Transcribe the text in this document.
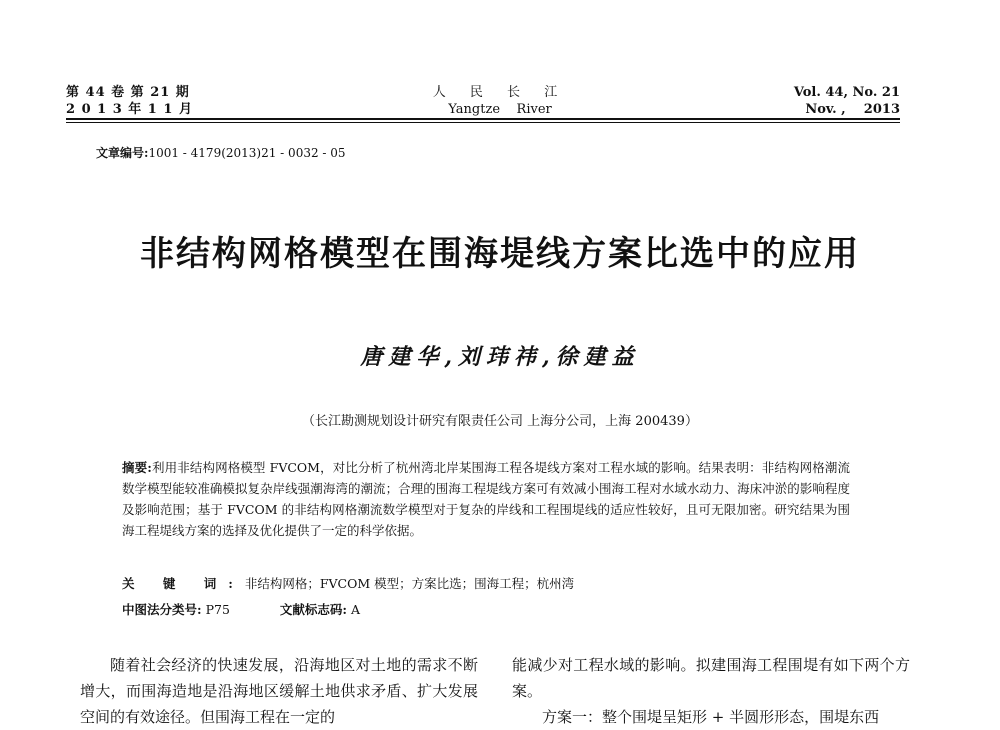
第 44 卷 第 21 期
2 0 1 3 年 1 1 月
人 民 长 江
Yangtze    River
Vol. 44, No. 21
Nov. ,    2013
文章编号:1001 - 4179(2013)21 - 0032 - 05
非结构网格模型在围海堤线方案比选中的应用
唐建华,刘玮祎,徐建益
（长江勘测规划设计研究有限责任公司 上海分公司，上海 200439）
摘要:利用非结构网格模型 FVCOM，对比分析了杭州湾北岸某围海工程各堤线方案对工程水域的影响。结果表明：非结构网格潮流数学模型能较准确模拟复杂岸线强潮海湾的潮流；合理的围海工程堤线方案可有效减小围海工程对水域水动力、海床冲淤的影响程度及影响范围；基于 FVCOM 的非结构网格潮流数学模型对于复杂的岸线和工程围堤线的适应性较好，且可无限加密。研究结果为围海工程堤线方案的选择及优化提供了一定的科学依据。
关 键 词:非结构网格；FVCOM 模型；方案比选；围海工程；杭州湾
中图法分类号: P75	文献标志码: A

随着社会经济的快速发展，沿海地区对土地的需求不断增大，而围海造地是沿海地区缓解土地供求矛盾、扩大发展空间的有效途径。但围海工程在一定的

能减少对工程水域的影响。拟建围海工程围堤有如下两个方案。

方案一：整个围堤呈矩形 + 半圆形形态，围堤东西
